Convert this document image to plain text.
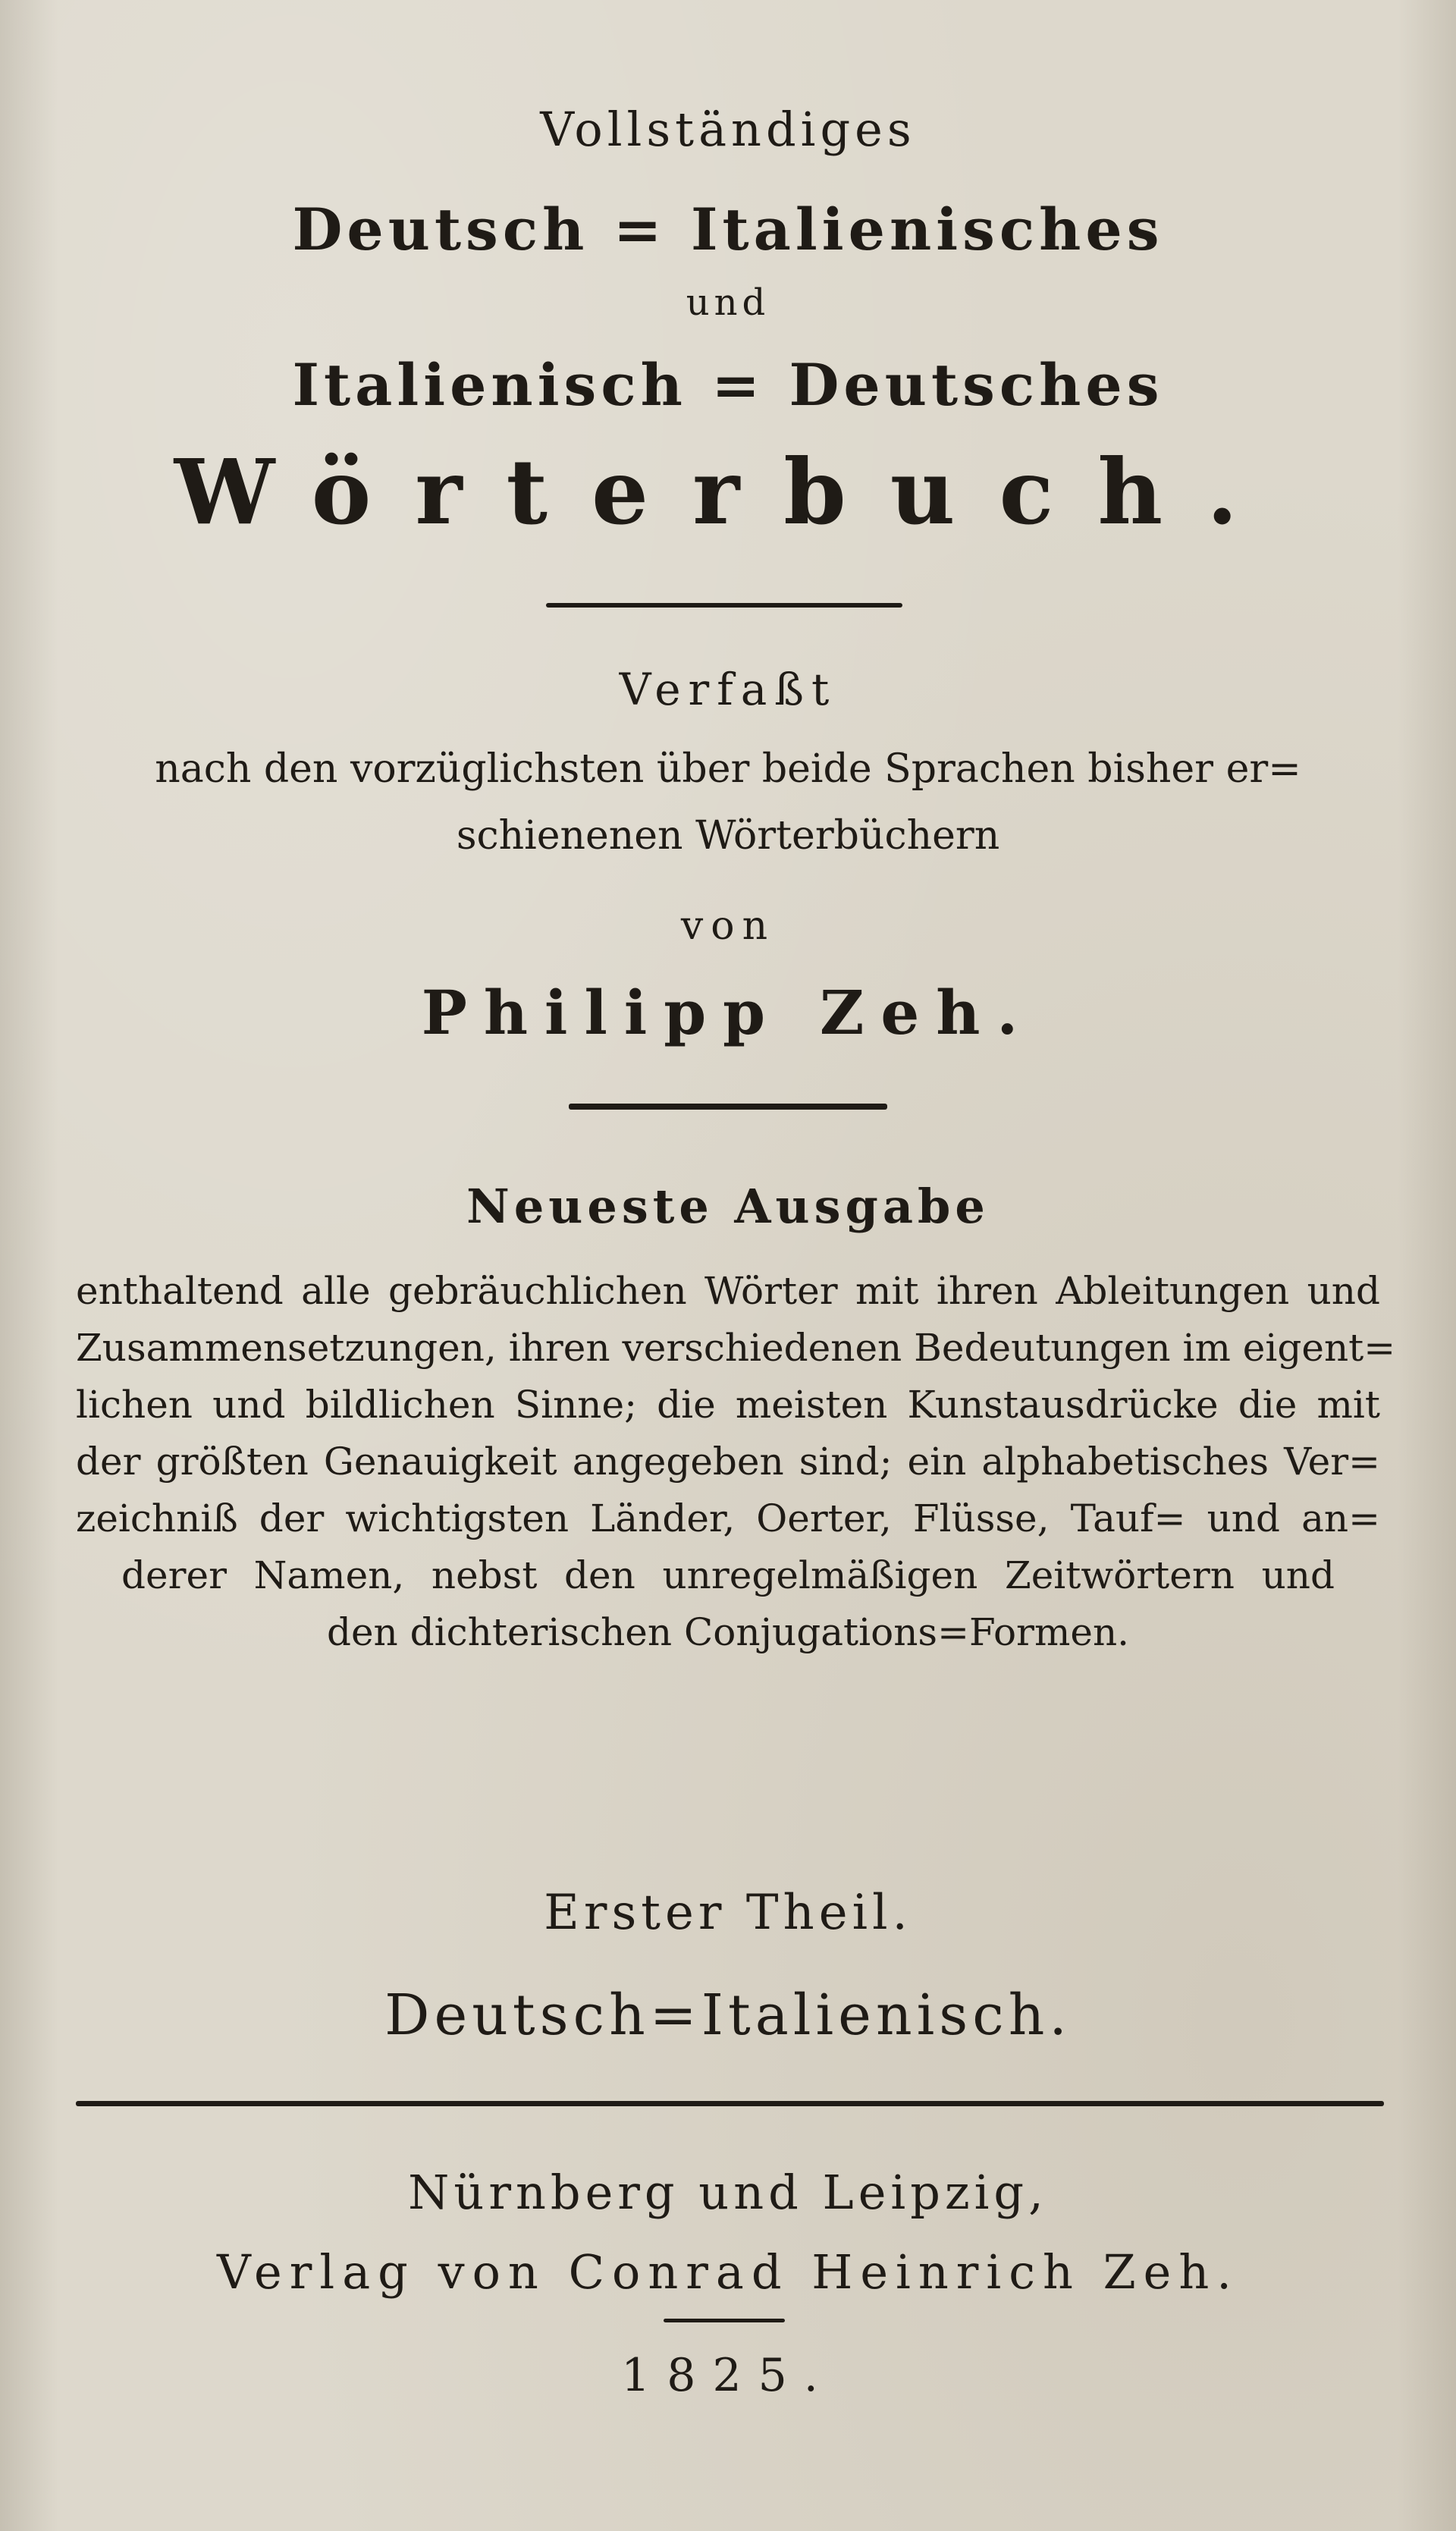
Vollständiges
Deutsch = Italienisches
und
Italienisch = Deutsches
Wörterbuch.
Verfaßt
nach den vorzüglichsten über beide Sprachen bisher er=
schienenen Wörterbüchern
von
Philipp Zeh.
Neueste Ausgabe
enthaltend alle gebräuchlichen Wörter mit ihren Ableitungen und
Zusammensetzungen, ihren verschiedenen Bedeutungen im eigent=
lichen und bildlichen Sinne; die meisten Kunstausdrücke die mit
der größten Genauigkeit angegeben sind; ein alphabetisches Ver=
zeichniß der wichtigsten Länder, Oerter, Flüsse, Tauf= und an=
derer Namen, nebst den unregelmäßigen Zeitwörtern und
den dichterischen Conjugations=Formen.
Erster Theil.
Deutsch=Italienisch.
Nürnberg und Leipzig,
Verlag von Conrad Heinrich Zeh.
1825.
